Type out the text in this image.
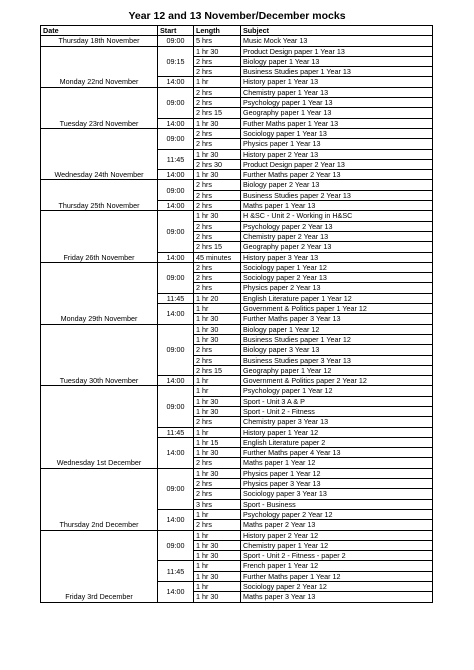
Year 12 and 13 November/December mocks
Date	Start	Length	Subject
Thursday 18th November	09:00	5 hrs	Music Mock Year 13
Monday 22nd November	09:15	1 hr 30	Product Design paper 1 Year 13
		2 hrs	Biology paper 1 Year 13
		2 hrs	Business Studies paper 1 Year 13
	14:00	1 hr	History paper 1 Year 13
Tuesday 23rd November	09:00	2 hrs	Chemistry paper 1 Year 13
		2 hrs	Psychology paper 1 Year 13
		2 hrs 15	Geography paper 1 Year 13
	14:00	1 hr 30	Futher Maths paper 1 Year 13
Wednesday 24th November	09:00	2 hrs	Sociology paper 1 Year 13
		2 hrs	Physics paper 1 Year 13
	11:45	1 hr 30	History paper 2 Year 13
		2 hrs 30	Product Design paper 2 Year 13
	14:00	1 hr 30	Further Maths paper 2 Year 13
Thursday 25th November	09:00	2 hrs	Biology paper 2 Year 13
		2 hrs	Business Studies paper 2 Year 13
	14:00	2 hrs	Maths paper 1 Year 13
Friday 26th November	09:00	1 hr 30	H &SC - Unit 2 - Working in H&SC
		2 hrs	Psychology paper 2 Year 13
		2 hrs	Chemistry paper 2 Year 13
		2 hrs 15	Geography paper 2 Year 13
	14:00	45 minutes	History paper 3 Year 13
Monday 29th November	09:00	2 hrs	Sociology paper 1 Year 12
		2 hrs	Sociology paper 2 Year 13
		2 hrs	Physics paper 2 Year 13
	11:45	1 hr 20	English Literature paper 1 Year 12
	14:00	1 hr	Government & Politics paper 1 Year 12
		1 hr 30	Further Maths paper 3 Year 13
Tuesday 30th November	09:00	1 hr 30	Biology paper 1 Year 12
		1 hr 30	Business Studies paper 1 Year 12
		2 hrs	Biology paper 3 Year 13
		2 hrs	Business Studies paper 3 Year 13
		2 hrs 15	Geography paper 1 Year 12
	14:00	1 hr	Government & Politics paper 2 Year 12
Wednesday 1st December	09:00	1 hr	Psychology paper 1 Year 12
		1 hr 30	Sport - Unit 3 A & P
		1 hr 30	Sport - Unit 2 - Fitness
		2 hrs	Chemistry paper 3 Year 13
	11:45	1 hr	History paper 1 Year 12
	14:00	1 hr 15	English Literature paper 2
		1 hr 30	Further Maths paper 4 Year 13
		2 hrs	Maths paper 1 Year 12
Thursday 2nd December	09:00	1 hr 30	Physics paper 1 Year 12
		2 hrs	Physics paper 3 Year 13
		2 hrs	Sociology paper 3 Year 13
		3 hrs	Sport - Business
	14:00	1 hr	Psychology paper 2 Year 12
		2 hrs	Maths paper 2 Year 13
Friday 3rd December	09:00	1 hr	History paper 2 Year 12
		1 hr 30	Chemistry paper 1 Year 12
		1 hr 30	Sport - Unit 2 - Fitness - paper 2
	11:45	1 hr	French paper 1 Year 12
		1 hr 30	Further Maths paper 1 Year 12
	14:00	1 hr	Sociology paper 2 Year 12
		1 hr 30	Maths paper 3 Year 13
